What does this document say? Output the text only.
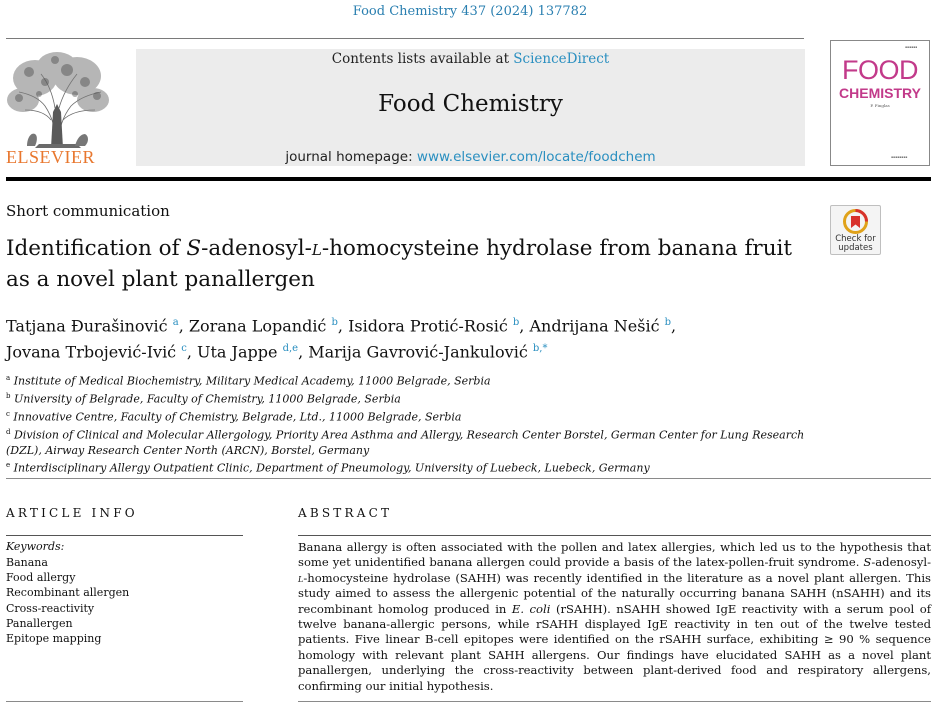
Food Chemistry 437 (2024) 137782
ELSEVIER
Contents lists available at ScienceDirect
Food Chemistry
journal homepage: www.elsevier.com/locate/foodchem
▪▪▪▪▪▪
FOOD
CHEMISTRY
P. Finglas
▪▪▪▪▪▪▪▪
Short communication
Identification of S-adenosyl-l-homocysteine hydrolase from banana fruit as a novel plant panallergen
Check for
updates
Tatjana Đurašinović $^a$, Zorana Lopandić $^b$, Isidora Protić-Rosić $^b$, Andrijana Nešić $^b$,
Jovana Trbojević-Ivić $^c$, Uta Jappe $^{d,e}$, Marija Gavrović-Jankulović $^{b,*}$
$^a$ Institute of Medical Biochemistry, Military Medical Academy, 11000 Belgrade, Serbia
$^b$ University of Belgrade, Faculty of Chemistry, 11000 Belgrade, Serbia
$^c$ Innovative Centre, Faculty of Chemistry, Belgrade, Ltd., 11000 Belgrade, Serbia
$^d$ Division of Clinical and Molecular Allergology, Priority Area Asthma and Allergy, Research Center Borstel, German Center for Lung Research (DZL), Airway Research Center North (ARCN), Borstel, Germany
$^e$ Interdisciplinary Allergy Outpatient Clinic, Department of Pneumology, University of Luebeck, Luebeck, Germany
ARTICLE INFO
Keywords:
Banana
Food allergy
Recombinant allergen
Cross-reactivity
Panallergen
Epitope mapping
ABSTRACT
Banana allergy is often associated with the pollen and latex allergies, which led us to the hypothesis that some yet unidentified banana allergen could provide a basis of the latex-pollen-fruit syndrome. S-adenosyl-l-homocysteine hydrolase (SAHH) was recently identified in the literature as a novel plant allergen. This study aimed to assess the allergenic potential of the naturally occurring banana SAHH (nSAHH) and its recombinant homolog produced in E. coli (rSAHH). nSAHH showed IgE reactivity with a serum pool of twelve banana-allergic persons, while rSAHH displayed IgE reactivity in ten out of the twelve tested patients. Five linear B-cell epitopes were identified on the rSAHH surface, exhibiting ≥ 90 % sequence homology with relevant plant SAHH allergens. Our findings have elucidated SAHH as a novel plant panallergen, underlying the cross-reactivity between plant-derived food and respiratory allergens, confirming our initial hypothesis.
